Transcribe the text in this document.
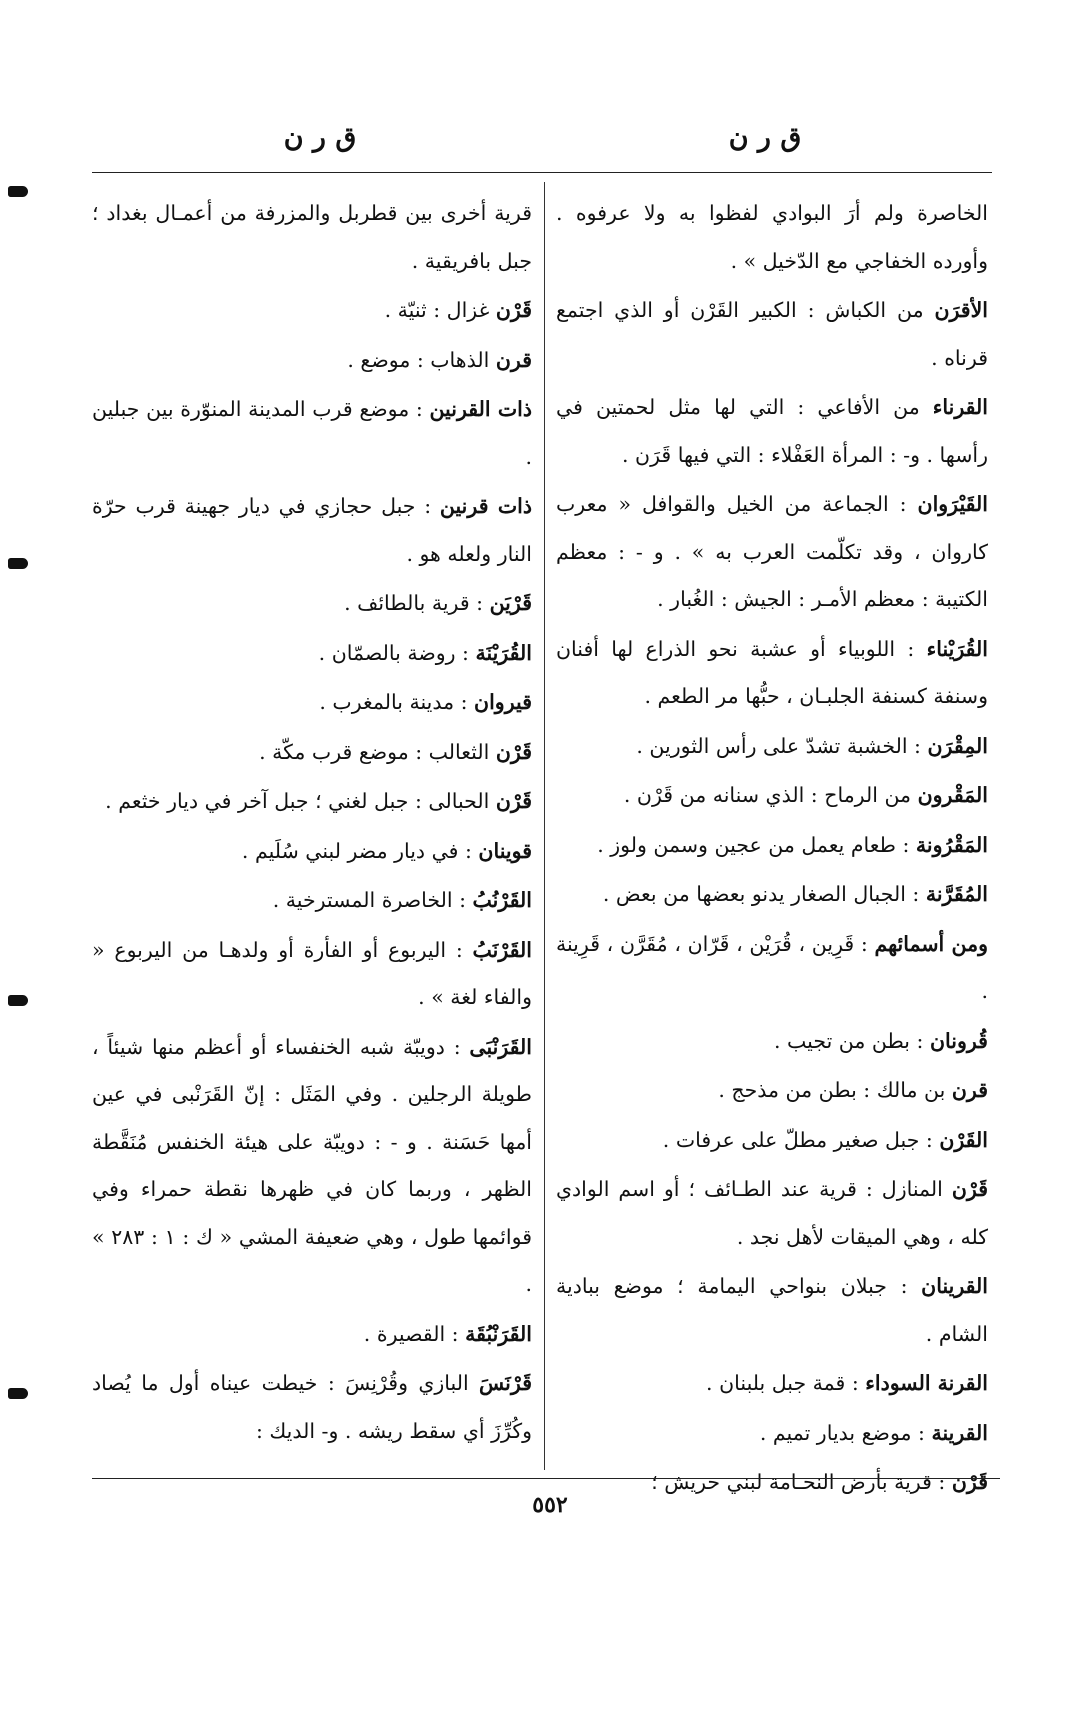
ق ر ن
ق ر ن
الخاصرة ولم أرَ البوادي لفظوا به ولا عرفوه . وأورده الخفاجي مع الدّخيل » .
الأقرَن من الكباش : الكبير القَرْن أو الذي اجتمع قرناه .
القرناء من الأفاعي : التي لها مثل لحمتين في رأسها . و- : المرأة العَفْلاء : التي فيها قَرَن .
القَيْرَوان : الجماعة من الخيل والقوافل « معرب كاروان ، وقد تكلّمت العرب به » . و - : معظم الكتيبة : معظم الأمـر : الجيش : الغُبار .
القُرَيْناء : اللوبياء أو عشبة نحو الذراع لها أفنان وسنفة كسنفة الجلبـان ، حبُّها مر الطعم .
المِقْرَن : الخشبة تشدّ على رأس الثورين .
المَقْرون من الرماح : الذي سنانه من قَرْن .
المَقْرُونة : طعام يعمل من عجين وسمن ولوز .
المُقَرَّنة : الجبال الصغار يدنو بعضها من بعض .
ومن أسمائهم : قَرِين ، قُرَيْن ، قَرّان ، مُقَرَّن ، قَرِينة .
قُرونان : بطن من تجيب .
قرن بن مالك : بطن من مذحج .
القَرْن : جبل صغير مطلّ على عرفات .
قَرْن المنازل : قرية عند الطـائف ؛ أو اسم الوادي كله ، وهي الميقات لأهل نجد .
القرينان : جبلان بنواحي اليمامة ؛ موضع ببادية الشام .
القرنة السوداء : قمة جبل بلبنان .
القرينة : موضع بديار تميم .
قَرْن : قرية بأرض النحـامة لبني حريش ؛
قرية أخرى بين قطربل والمزرفة من أعمـال بغداد ؛ جبل بافريقية .
قَرْن غزال : ثنيّة .
قرن الذهاب : موضع .
ذات القرنين : موضع قرب المدينة المنوّرة بين جبلين .
ذات قرنين : جبل حجازي في ديار جهينة قرب حرّة النار ولعله هو .
قَرْيَن : قرية بالطائف .
القُرَيْنَة : روضة بالصمّان .
قيروان : مدينة بالمغرب .
قَرْن الثعالب : موضع قرب مكّة .
قَرْن الحبالى : جبل لغني ؛ جبل آخر في ديار خثعم .
قوينان : في ديار مضر لبني سُلَيم .
القَرْنُبُ : الخاصرة المسترخية .
القَرْنَبُ : اليربوع أو الفأرة أو ولدهـا من اليربوع « والفاء لغة » .
القَرَنْبَى : دويبّة شبه الخنفساء أو أعظم منها شيئاً ، طويلة الرجلين . وفي المَثَل : إنّ القَرَنْبى في عين أمها حَسَنة . و - : دويبّة على هيئة الخنفس مُنَقَّطة الظهر ، وربما كان في ظهرها نقطة حمراء وفي قوائمها طول ، وهي ضعيفة المشي « ك : ١ : ٢٨٣ » .
القَرَنْبُقَة : القصيرة .
قَرْنَسَ البازي وقُرْنِسَ : خيطت عيناه أول ما يُصاد وكُرِّزَ أي سقط ريشه . و- الديك :
٥٥٢
